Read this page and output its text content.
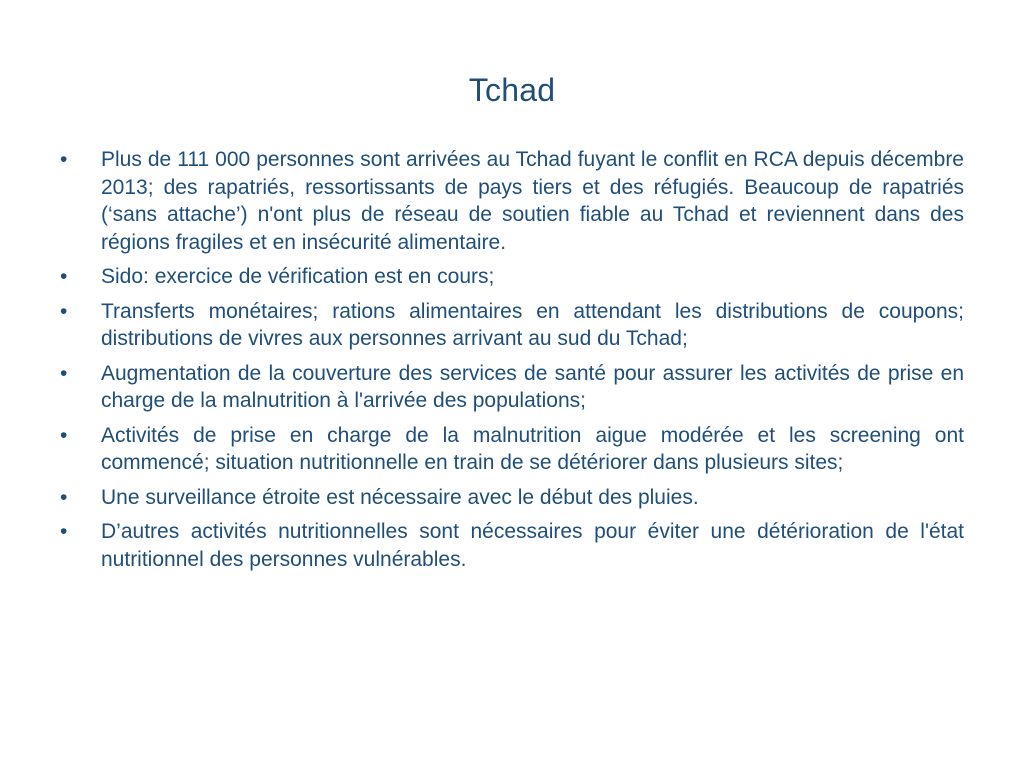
Tchad
•	Plus de 111 000 personnes sont arrivées au Tchad fuyant le conflit en RCA depuis décembre 2013; des rapatriés, ressortissants de pays tiers et des réfugiés. Beaucoup de rapatriés (‘sans attache’) n'ont plus de réseau de soutien fiable au Tchad et reviennent dans des régions fragiles et en insécurité alimentaire.
•	Sido: exercice de vérification est en cours;
•	Transferts monétaires; rations alimentaires en attendant les distributions de coupons; distributions de vivres aux personnes arrivant au sud du Tchad;
•	Augmentation de la couverture des services de santé pour assurer les activités de prise en charge de la malnutrition à l'arrivée des populations;
•	Activités de prise en charge de la malnutrition aigue modérée et les screening ont commencé; situation nutritionnelle en train de se détériorer dans plusieurs sites;
•	Une surveillance étroite est nécessaire avec le début des pluies.
•	D’autres activités nutritionnelles sont nécessaires pour éviter une détérioration de l'état nutritionnel des personnes vulnérables.
